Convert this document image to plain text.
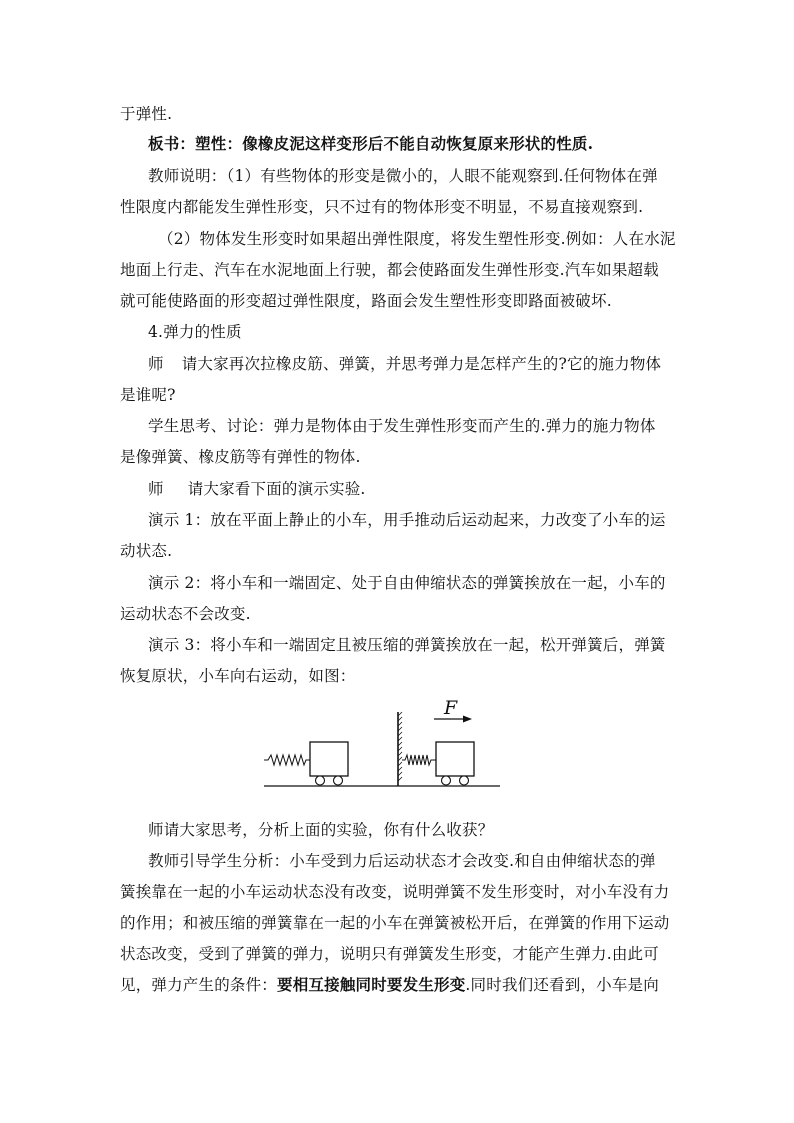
于弹性.
板书：塑性：像橡皮泥这样变形后不能自动恢复原来形状的性质.
教师说明：（1）有些物体的形变是微小的，人眼不能观察到.任何物体在弹
性限度内都能发生弹性形变，只不过有的物体形变不明显，不易直接观察到.
（2）物体发生形变时如果超出弹性限度，将发生塑性形变.例如：人在水泥
地面上行走、汽车在水泥地面上行驶，都会使路面发生弹性形变.汽车如果超载
就可能使路面的形变超过弹性限度，路面会发生塑性形变即路面被破坏.
4.弹力的性质
师 请大家再次拉橡皮筋、弹簧，并思考弹力是怎样产生的?它的施力物体
是谁呢?
学生思考、讨论：弹力是物体由于发生弹性形变而产生的.弹力的施力物体
是像弹簧、橡皮筋等有弹性的物体.
师 请大家看下面的演示实验.
演示 1：放在平面上静止的小车，用手推动后运动起来，力改变了小车的运
动状态.
演示 2：将小车和一端固定、处于自由伸缩状态的弹簧挨放在一起，小车的
运动状态不会改变.
演示 3：将小车和一端固定且被压缩的弹簧挨放在一起，松开弹簧后，弹簧
恢复原状，小车向右运动，如图：
F
师请大家思考，分析上面的实验，你有什么收获？
教师引导学生分析：小车受到力后运动状态才会改变.和自由伸缩状态的弹
簧挨靠在一起的小车运动状态没有改变，说明弹簧不发生形变时，对小车没有力
的作用；和被压缩的弹簧靠在一起的小车在弹簧被松开后，在弹簧的作用下运动
状态改变，受到了弹簧的弹力，说明只有弹簧发生形变，才能产生弹力.由此可
见，弹力产生的条件：要相互接触同时要发生形变.同时我们还看到，小车是向
